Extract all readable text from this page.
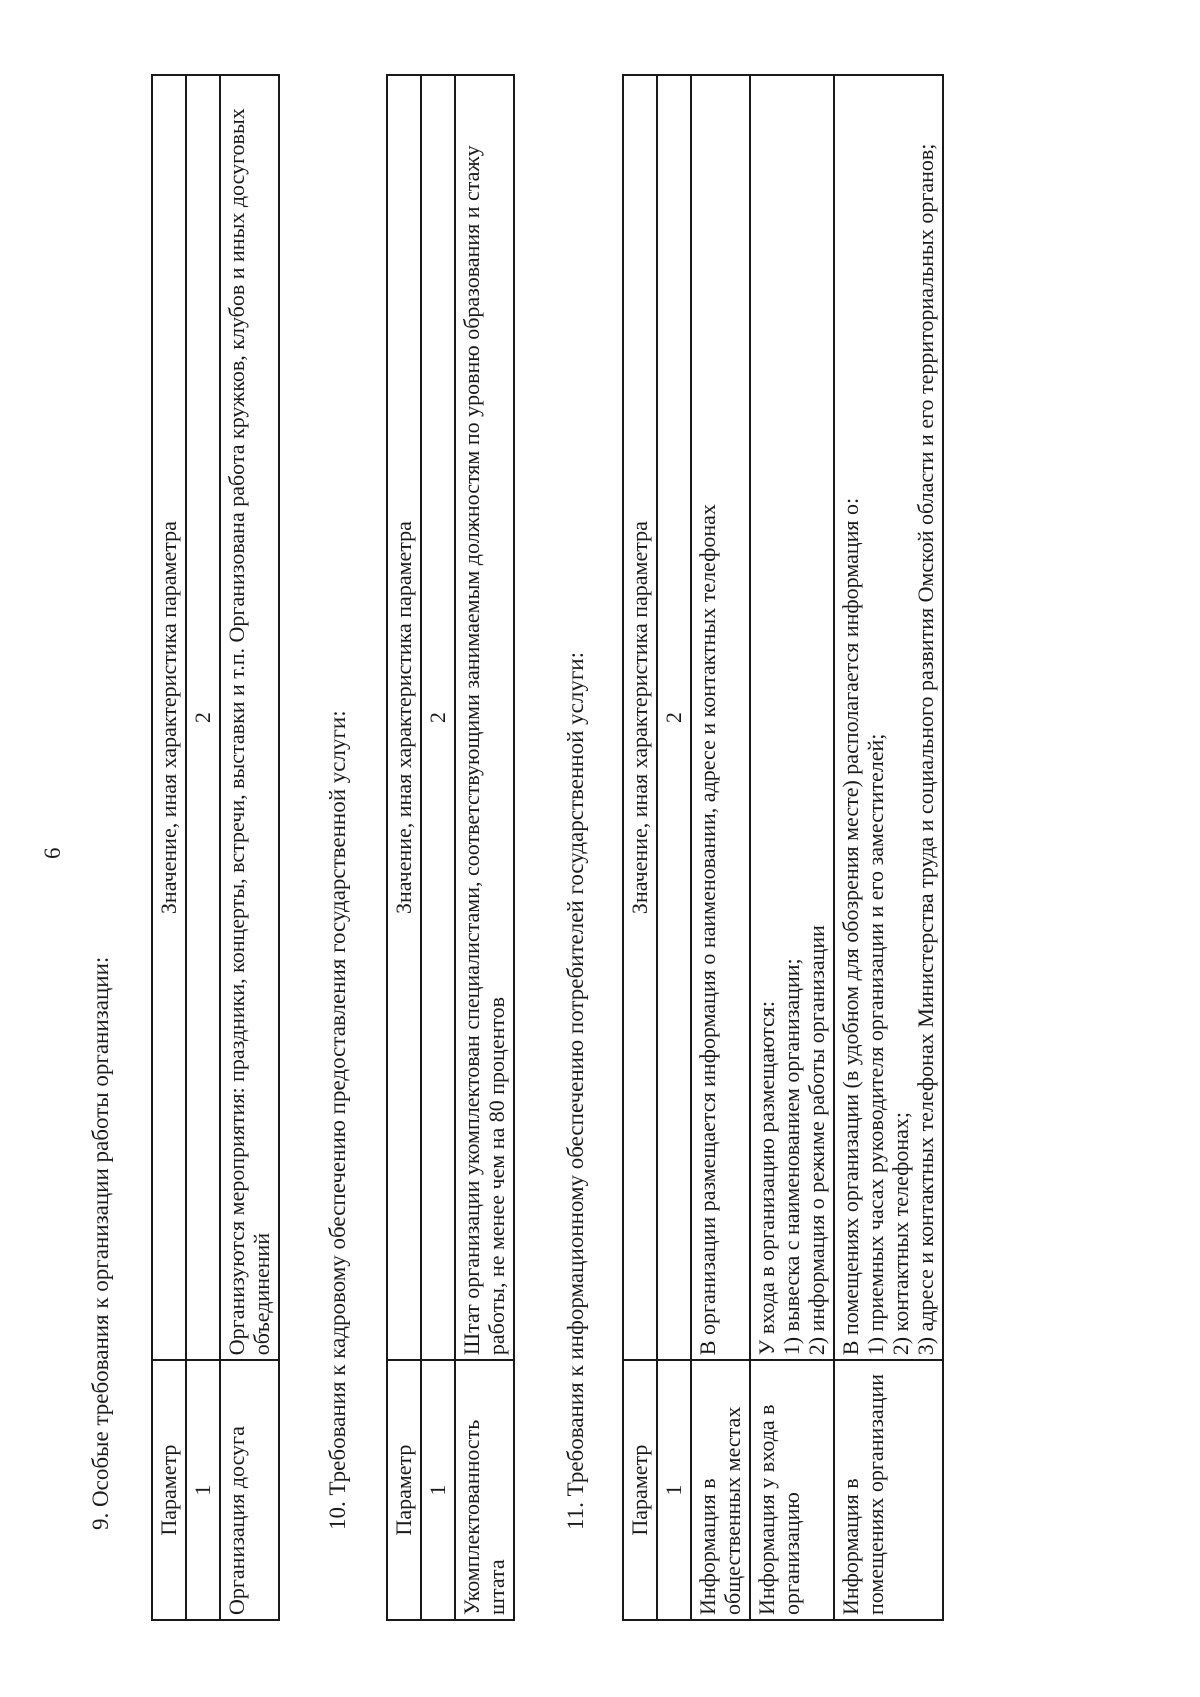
6
9. Особые требования к организации работы организации: Параметр	Значение, иная характеристика параметра
1	2
Организация досуга	Организуются мероприятия: праздники, концерты, встречи, выставки и т.п. Организована работа кружков, клубов и иных досуговых объединений 10. Требования к кадровому обеспечению предоставления государственной услуги: Параметр	Значение, иная характеристика параметра
1	2
Укомплектованность штата	Штат организации укомплектован специалистами, соответствующими занимаемым должностям по уровню образования и стажу работы, не менее чем на 80 процентов 11. Требования к информационному обеспечению потребителей государственной услуги: Параметр	Значение, иная характеристика параметра
1	2
Информация в общественных местах	В организации размещается информация о наименовании, адресе и контактных телефонах

Информация у входа в организацию	У входа в организацию размещаются: 1) вывеска с наименованием организации; 2) информация о режиме работы организации

Информация в помещениях организации	В помещениях организации (в удобном для обозрения месте) располагается информация о: 1) приемных часах руководителя организации и его заместителей; 2) контактных телефонах; 3) адресе и контактных телефонах Министерства труда и социального развития Омской области и его территориальных органов;
